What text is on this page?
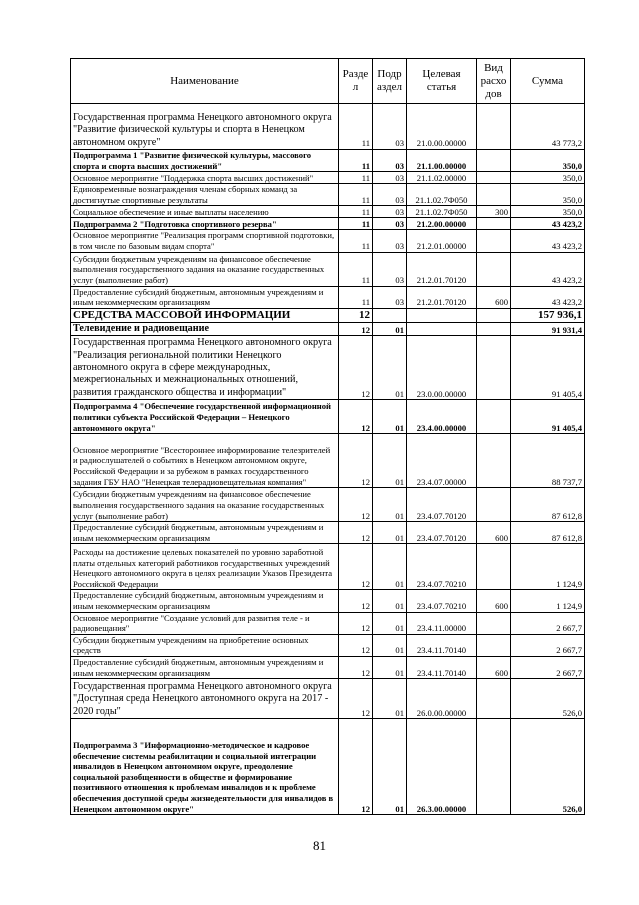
Наименование	Разде л	Подр аздел	Целевая статья	Вид расхо дов	Сумма
Государственная программа Ненецкого автономного округа "Развитие физической культуры и спорта в Ненецком автономном округе"	11	03	21.0.00.00000		43 773,2
Подпрограмма 1 "Развитие физической культуры, массового спорта и спорта высших достижений"	11	03	21.1.00.00000		350,0
Основное мероприятие "Поддержка спорта высших достижений"	11	03	21.1.02.00000		350,0
Единовременные вознаграждения членам сборных команд за достигнутые спортивные результаты	11	03	21.1.02.7Ф050		350,0
Социальное обеспечение и иные выплаты населению	11	03	21.1.02.7Ф050	300	350,0
Подпрограмма 2 "Подготовка спортивного резерва"	11	03	21.2.00.00000		43 423,2
Основное мероприятие "Реализация программ спортивной подготовки, в том числе по базовым видам спорта"	11	03	21.2.01.00000		43 423,2
Субсидии бюджетным учреждениям на финансовое обеспечение выполнения государственного задания на оказание государственных услуг (выполнение работ)	11	03	21.2.01.70120		43 423,2
Предоставление субсидий бюджетным, автономным учреждениям и иным некоммерческим организациям	11	03	21.2.01.70120	600	43 423,2
СРЕДСТВА МАССОВОЙ ИНФОРМАЦИИ	12				157 936,1
Телевидение и радиовещание	12	01			91 931,4
Государственная программа Ненецкого автономного округа "Реализация региональной политики Ненецкого автономного округа в сфере международных, межрегиональных и межнациональных отношений, развития гражданского общества и информации"	12	01	23.0.00.00000		91 405,4
Подпрограмма 4 "Обеспечение государственной информационной политики субъекта Российской Федерации – Ненецкого автономного округа"	12	01	23.4.00.00000		91 405,4
Основное мероприятие "Всестороннее информирование телезрителей и радиослушателей о событиях в Ненецком автономном округе, Российской Федерации и за рубежом в рамках государственного задания ГБУ НАО "Ненецкая телерадиовещательная компания"	12	01	23.4.07.00000		88 737,7
Субсидии бюджетным учреждениям на финансовое обеспечение выполнения государственного задания на оказание государственных услуг (выполнение работ)	12	01	23.4.07.70120		87 612,8
Предоставление субсидий бюджетным, автономным учреждениям и иным некоммерческим организациям	12	01	23.4.07.70120	600	87 612,8
Расходы на достижение целевых показателей по уровню заработной платы отдельных категорий работников государственных учреждений Ненецкого автономного округа в целях реализации Указов Президента Российской Федерации	12	01	23.4.07.70210		1 124,9
Предоставление субсидий бюджетным, автономным учреждениям и иным некоммерческим организациям	12	01	23.4.07.70210	600	1 124,9
Основное мероприятие "Создание условий для развития теле - и радиовещания"	12	01	23.4.11.00000		2 667,7
Субсидии бюджетным учреждениям на приобретение основных средств	12	01	23.4.11.70140		2 667,7
Предоставление субсидий бюджетным, автономным учреждениям и иным некоммерческим организациям	12	01	23.4.11.70140	600	2 667,7
Государственная программа Ненецкого автономного округа "Доступная среда Ненецкого автономного округа на 2017 - 2020 годы"	12	01	26.0.00.00000		526,0
Подпрограмма 3 "Информационно-методическое и кадровое обеспечение системы реабилитации и социальной интеграции инвалидов в Ненецком автономном округе, преодоление социальной разобщенности в обществе и формирование позитивного отношения к проблемам инвалидов и к проблеме обеспечения доступной среды жизнедеятельности для инвалидов в Ненецком автономном округе"	12	01	26.3.00.00000		526,0
81
